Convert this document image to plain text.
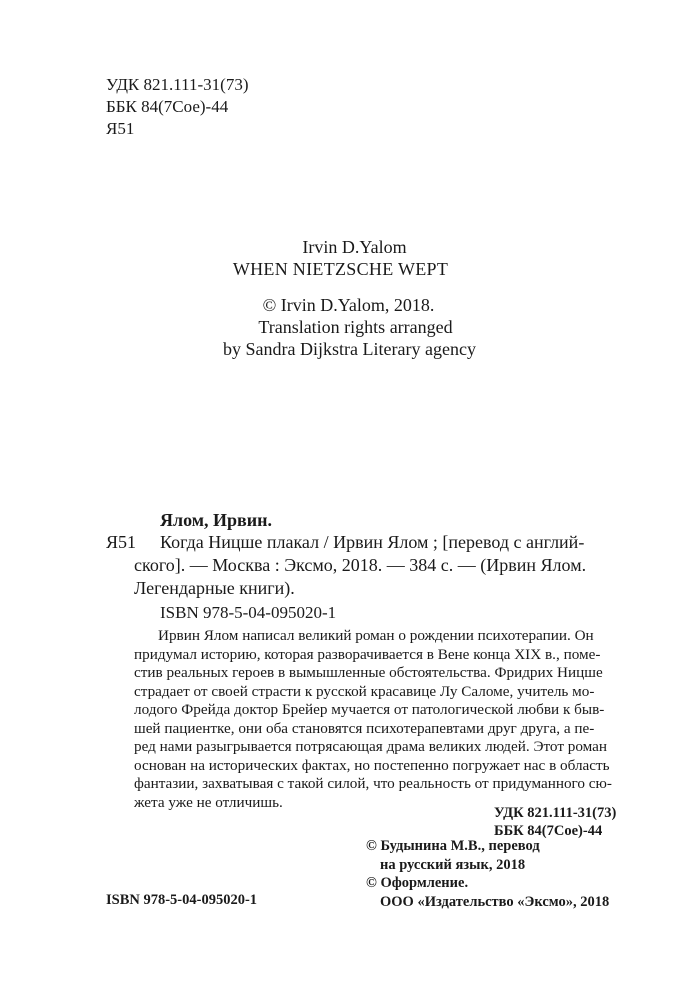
УДК 821.111-31(73)
ББК 84(7Сое)-44
Я51
Irvin D.Yalom
WHEN NIETZSCHE WEPT
© Irvin D.Yalom, 2018.
Translation rights arranged
by Sandra Dijkstra Literary agency
Ялом, Ирвин.
Я51 Когда Ницше плакал / Ирвин Ялом ; [перевод с англий-
ского]. — Москва : Эксмо, 2018. — 384 с. — (Ирвин Ялом.
Легендарные книги).
ISBN 978-5-04-095020-1
Ирвин Ялом написал великий роман о рождении психотерапии. Он
придумал историю, которая разворачивается в Вене конца XIX в., поме-
стив реальных героев в вымышленные обстоятельства. Фридрих Ницше
страдает от своей страсти к русской красавице Лу Саломе, учитель мо-
лодого Фрейда доктор Брейер мучается от патологической любви к быв-
шей пациентке, они оба становятся психотерапевтами друг друга, а пе-
ред нами разыгрывается потрясающая драма великих людей. Этот роман
основан на исторических фактах, но постепенно погружает нас в область
фантазии, захватывая с такой силой, что реальность от придуманного сю-
жета уже не отличишь.
УДК 821.111-31(73)
ББК 84(7Сое)-44
© Будынина М.В., перевод
на русский язык, 2018
© Оформление.
ООО «Издательство «Эксмо», 2018
ISBN 978-5-04-095020-1
